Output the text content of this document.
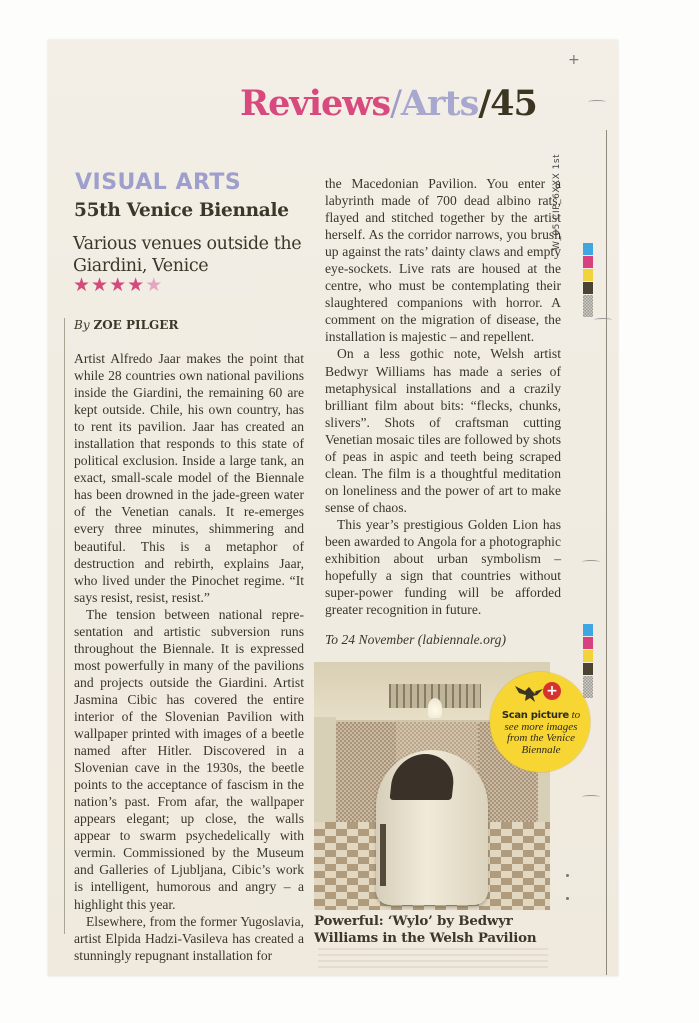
+
Reviews/Arts/45
W_05 CIP_6XXX 1st
VISUAL ARTS
55th Venice Biennale
Various venues outside the Giardini, Venice
★★★★★
By ZOE PILGER

Artist Alfredo Jaar makes the point that while 28 countries own national pavilions inside the Giardini, the remaining 60 are kept outside. Chile, his own country, has to rent its pavilion. Jaar has created an installation that responds to this state of political exclusion. Inside a large tank, an exact, small-scale model of the Biennale has been drowned in the jade-green water of the Venetian canals. It re-emerges every three minutes, shimmering and beautiful. This is a metaphor of destruction and rebirth, explains Jaar, who lived under the Pinochet regime. “It says resist, resist, resist.”

The tension between national representation and artistic subversion runs throughout the Biennale. It is expressed most powerfully in many of the pavilions and projects outside the Giardini. Artist Jasmina Cibic has covered the entire interior of the Slovenian Pavilion with wallpaper printed with images of a beetle named after Hitler. Discovered in a Slovenian cave in the 1930s, the beetle points to the acceptance of fascism in the nation’s past. From afar, the wallpaper appears elegant; up close, the walls appear to swarm psychedelically with vermin. Commissioned by the Museum and Galleries of Ljubljana, Cibic’s work is intelligent, humorous and angry – a highlight this year.

Elsewhere, from the former Yugoslavia, artist Elpida Hadzi-Vasileva has created a stunningly repugnant installation for

the Macedonian Pavilion. You enter a labyrinth made of 700 dead albino rats, flayed and stitched together by the artist herself. As the corridor narrows, you brush up against the rats’ dainty claws and empty eye-sockets. Live rats are housed at the centre, who must be contemplating their slaughtered companions with horror. A comment on the migration of disease, the installation is majestic – and repellent.

On a less gothic note, Welsh artist Bedwyr Williams has made a series of metaphysical installations and a crazily brilliant film about bits: “flecks, chunks, slivers”. Shots of craftsman cutting Venetian mosaic tiles are followed by shots of peas in aspic and teeth being scraped clean. The film is a thoughtful meditation on loneliness and the power of art to make sense of chaos.

This year’s prestigious Golden Lion has been awarded to Angola for a photographic exhibition about urban symbolism – hopefully a sign that countries without super-power funding will be afforded greater recognition in future.

To 24 November (labiennale.org)
+
Scan picture to see more images from the Venice Biennale
Powerful: ‘Wylo’ by Bedwyr Williams in the Welsh Pavilion
